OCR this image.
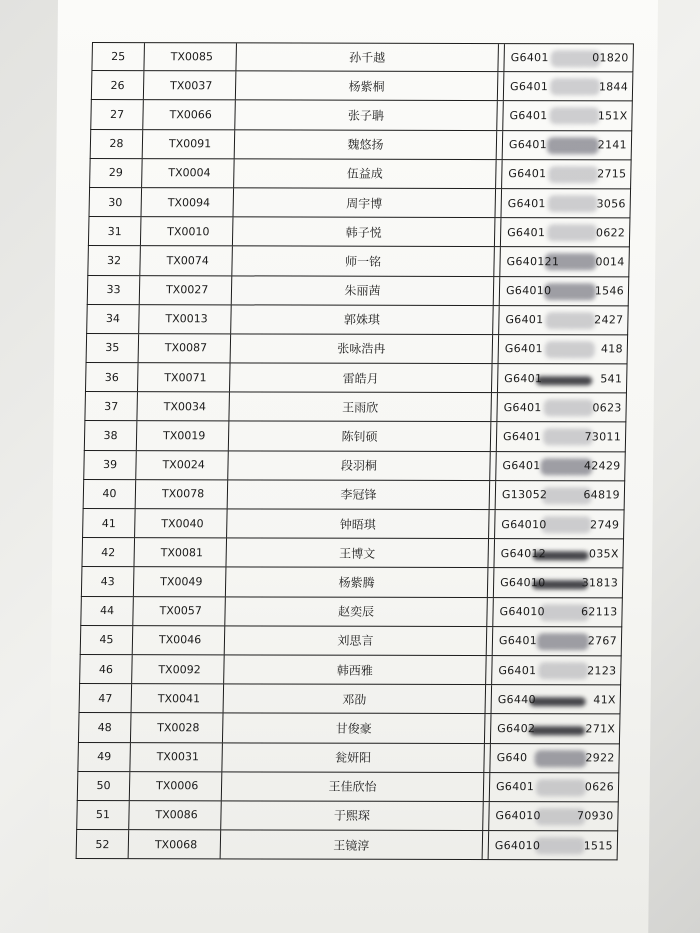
25	TX0085	孙千越	G6401	01820
26	TX0037	杨紫桐	G6401	1844
27	TX0066	张子聃	G6401	151X
28	TX0091	魏悠扬	G6401	2141
29	TX0004	伍益成	G6401	2715
30	TX0094	周宇博	G6401	3056
31	TX0010	韩子悦	G6401	0622
32	TX0074	师一铭	G640121	0014
33	TX0027	朱丽茜	G64010	1546
34	TX0013	郭姝琪	G6401	2427
35	TX0087	张咏浩冉	G6401	418
36	TX0071	雷皓月	G6401	541
37	TX0034	王雨欣	G6401	0623
38	TX0019	陈钊硕	G6401	73011
39	TX0024	段羽桐	G6401	42429
40	TX0078	李冠锋	G13052	64819
41	TX0040	钟晤琪	G64010	2749
42	TX0081	王博文	G64012	035X
43	TX0049	杨紫腾	G64010	31813
44	TX0057	赵奕辰	G64010	62113
45	TX0046	刘思言	G6401	2767
46	TX0092	韩西雅	G6401	2123
47	TX0041	邓劭	G6440	41X
48	TX0028	甘俊豪	G6402	271X
49	TX0031	瓮妍阳	G640	2922
50	TX0006	王佳欣怡	G6401	0626
51	TX0086	于熙琛	G64010	70930
52	TX0068	王镜淳	G64010	1515
